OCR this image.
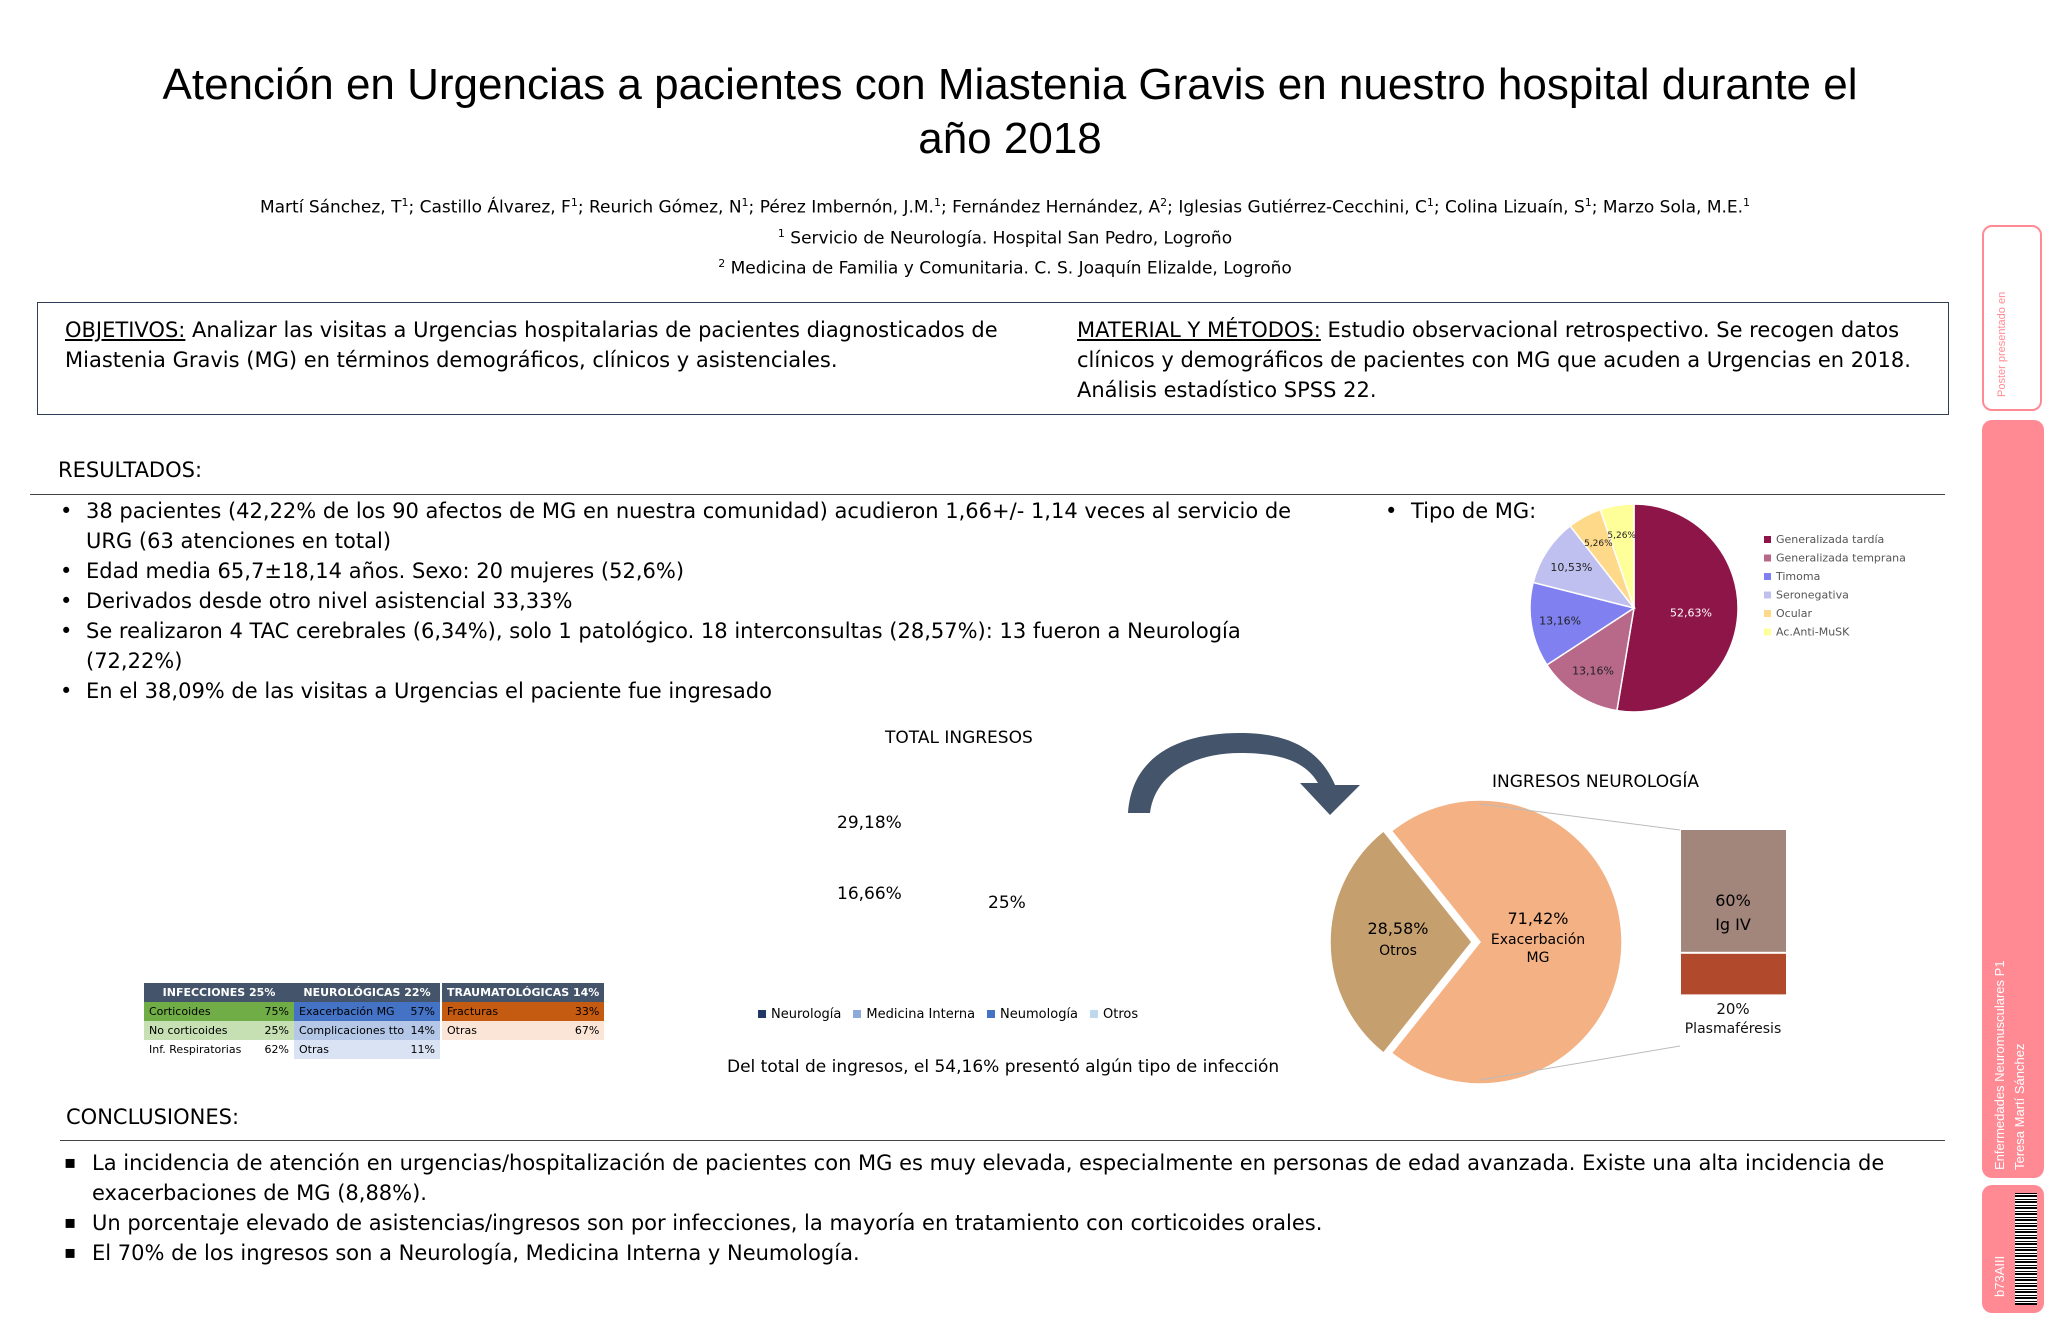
Atención en Urgencias a pacientes con Miastenia Gravis en nuestro hospital durante el
año 2018
Martí Sánchez, $T^1$; Castillo Álvarez, $F^1$; Reurich Gómez, $N^1$; Pérez Imbernón, J.M.$^1$; Fernández Hernández, $A^2$; Iglesias Gutiérrez-Cecchini, $C^1$; Colina Lizuaín, $S^1$; Marzo Sola, M.E.$^1$
$^1$ Servicio de Neurología. Hospital San Pedro, Logroño
$^2$ Medicina de Familia y Comunitaria. C. S. Joaquín Elizalde, Logroño
OBJETIVOS: Analizar las visitas a Urgencias hospitalarias de pacientes diagnosticados de Miastenia Gravis (MG) en términos demográficos, clínicos y asistenciales.
MATERIAL Y MÉTODOS: Estudio observacional retrospectivo. Se recogen datos clínicos y demográficos de pacientes con MG que acuden a Urgencias en 2018. Análisis estadístico SPSS 22.
RESULTADOS:
• 38 pacientes (42,22% de los 90 afectos de MG en nuestra comunidad) acudieron 1,66+/- 1,14 veces al servicio de URG (63 atenciones en total)
• Edad media 65,7±18,14 años. Sexo: 20 mujeres (52,6%)
• Derivados desde otro nivel asistencial 33,33%
• Se realizaron 4 TAC cerebrales (6,34%), solo 1 patológico. 18 interconsultas (28,57%): 13 fueron a Neurología (72,22%)
• En el 38,09% de las visitas a Urgencias el paciente fue ingresado
• Tipo de MG:
52,63%
13,16%
13,16%
10,53%
5,26%
5,26%	Generalizada tardía
Generalizada temprana
Timoma
Seronegativa
Ocular
Ac.Anti-MuSK
TOTAL INGRESOS
29,18%
16,66%	25%
Neurología	Medicina Interna	Neumología	Otros
Del total de ingresos, el 54,16% presentó algún tipo de infección
INFECCIONES 25%	NEUROLÓGICAS 22%	TRAUMATOLÓGICAS 14%
Corticoides 75%	Exacerbación MG 57%	Fracturas 33%

No corticoides 25%	Complicaciones tto 14%	Otras 67%

Inf. Respiratorias 62%	Otras 11%	

INGRESOS NEUROLOGÍA
28,58%
Otros
71,42%
Exacerbación
MG
60%
Ig IV
20%
Plasmaféresis
CONCLUSIONES:
▪ La incidencia de atención en urgencias/hospitalización de pacientes con MG es muy elevada, especialmente en personas de edad avanzada. Existe una alta incidencia de exacerbaciones de MG (8,88%).
▪ Un porcentaje elevado de asistencias/ingresos son por infecciones, la mayoría en tratamiento con corticoides orales.
▪ El 70% de los ingresos son a Neurología, Medicina Interna y Neumología.
Poster presentado en
Enfermedades Neuromusculares P1 Teresa Martí Sánchez
b73AIII
